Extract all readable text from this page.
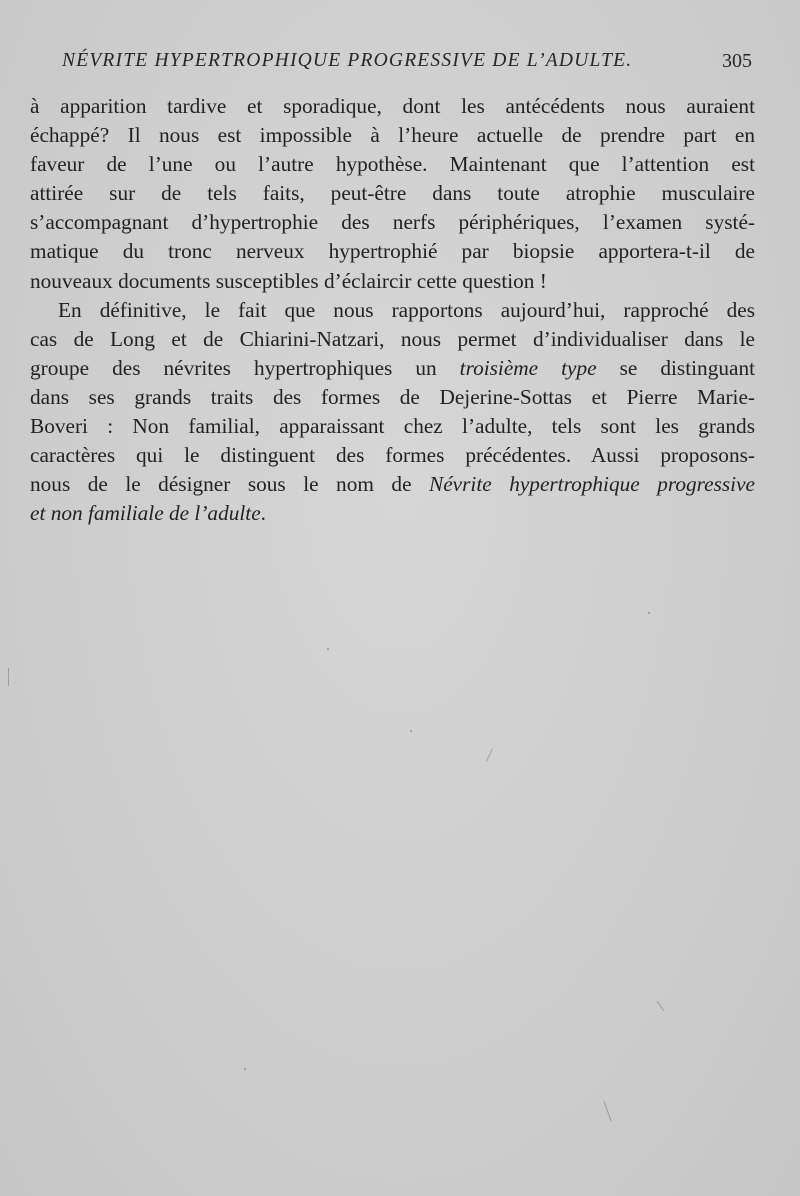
NÉVRITE HYPERTROPHIQUE PROGRESSIVE DE L’ADULTE.	305

à apparition tardive et sporadique, dont les antécédents nous auraient
échappé? Il nous est impossible à l’heure actuelle de prendre part en
faveur de l’une ou l’autre hypothèse. Maintenant que l’attention est
attirée sur de tels faits, peut-être dans toute atrophie musculaire
s’accompagnant d’hypertrophie des nerfs périphériques, l’examen systé-
matique du tronc nerveux hypertrophié par biopsie apportera-t-il de
nouveaux documents susceptibles d’éclaircir cette question !

En définitive, le fait que nous rapportons aujourd’hui, rapproché des
cas de Long et de Chiarini-Natzari, nous permet d’individualiser dans le
groupe des névrites hypertrophiques un troisième type se distinguant
dans ses grands traits des formes de Dejerine-Sottas et Pierre Marie-
Boveri : Non familial, apparaissant chez l’adulte, tels sont les grands
caractères qui le distinguent des formes précédentes. Aussi proposons-
nous de le désigner sous le nom de Névrite hypertrophique progressive
et non familiale de l’adulte.
